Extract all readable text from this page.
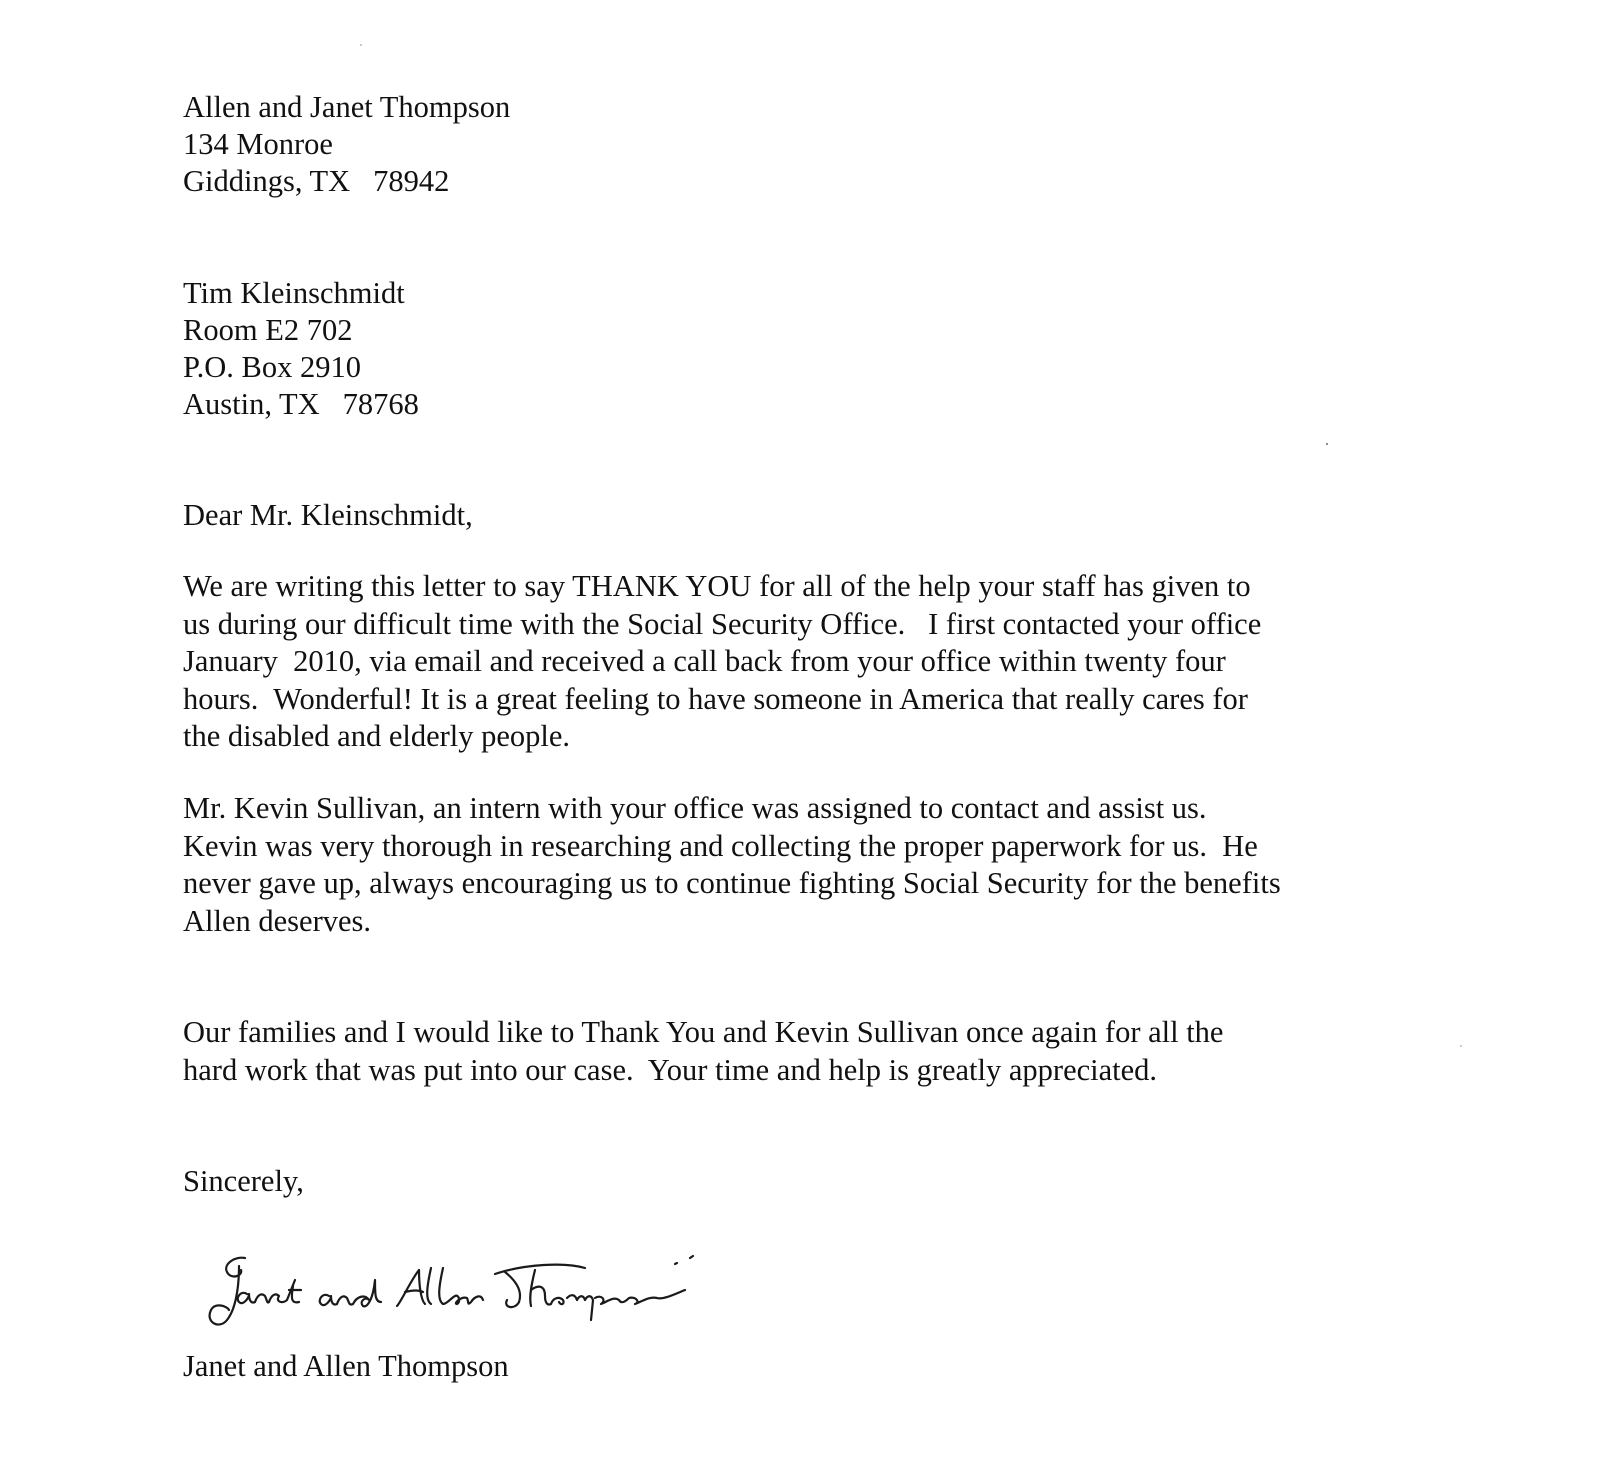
Allen and Janet Thompson

134 Monroe

Giddings, TX   78942

Tim Kleinschmidt

Room E2 702

P.O. Box 2910

Austin, TX   78768

Dear Mr. Kleinschmidt,

We are writing this letter to say THANK YOU for all of the help your staff has given to
us during our difficult time with the Social Security Office.   I first contacted your office
January  2010, via email and received a call back from your office within twenty four
hours.  Wonderful! It is a great feeling to have someone in America that really cares for
the disabled and elderly people.
Mr. Kevin Sullivan, an intern with your office was assigned to contact and assist us.
Kevin was very thorough in researching and collecting the proper paperwork for us.  He
never gave up, always encouraging us to continue fighting Social Security for the benefits
Allen deserves.
Our families and I would like to Thank You and Kevin Sullivan once again for all the
hard work that was put into our case.  Your time and help is greatly appreciated.

Sincerely,

Janet and Allen Thompson
